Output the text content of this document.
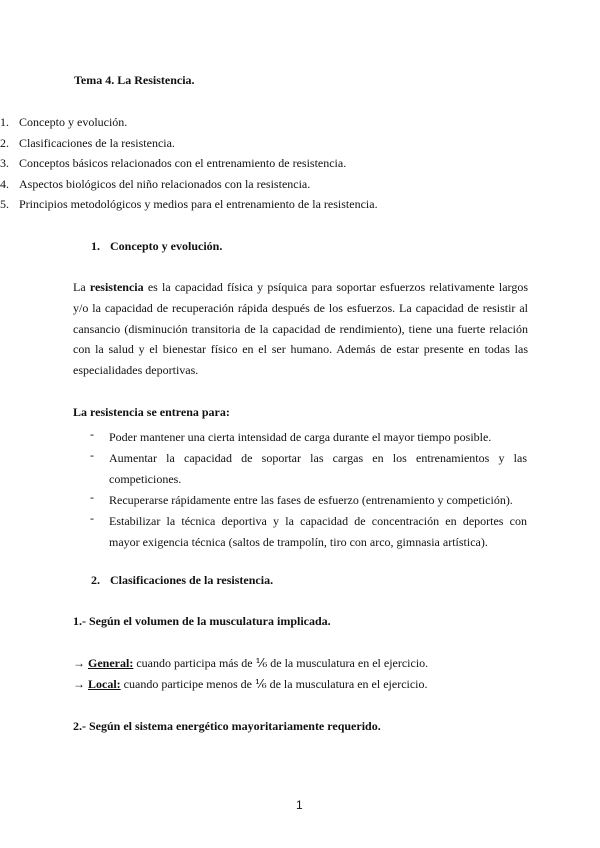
Tema 4. La Resistencia.
1. Concepto y evolución.
2. Clasificaciones de la resistencia.
3. Conceptos básicos relacionados con el entrenamiento de resistencia.
4. Aspectos biológicos del niño relacionados con la resistencia.
5. Principios metodológicos y medios para el entrenamiento de la resistencia.
1. Concepto y evolución.
La resistencia es la capacidad física y psíquica para soportar esfuerzos relativamente largos
y/o la capacidad de recuperación rápida después de los esfuerzos. La capacidad de resistir al
cansancio (disminución transitoria de la capacidad de rendimiento), tiene una fuerte relación
con la salud y el bienestar físico en el ser humano. Además de estar presente en todas las
especialidades deportivas.
La resistencia se entrena para:
- Poder mantener una cierta intensidad de carga durante el mayor tiempo posible.
- Aumentar la capacidad de soportar las cargas en los entrenamientos y las
competiciones.
- Recuperarse rápidamente entre las fases de esfuerzo (entrenamiento y competición).
- Estabilizar la técnica deportiva y la capacidad de concentración en deportes con
mayor exigencia técnica (saltos de trampolín, tiro con arco, gimnasia artística).
2. Clasificaciones de la resistencia.
1.- Según el volumen de la musculatura implicada.
→ General: cuando participa más de ⅙ de la musculatura en el ejercicio.
→ Local: cuando participe menos de ⅙ de la musculatura en el ejercicio.
2.- Según el sistema energético mayoritariamente requerido.
1
